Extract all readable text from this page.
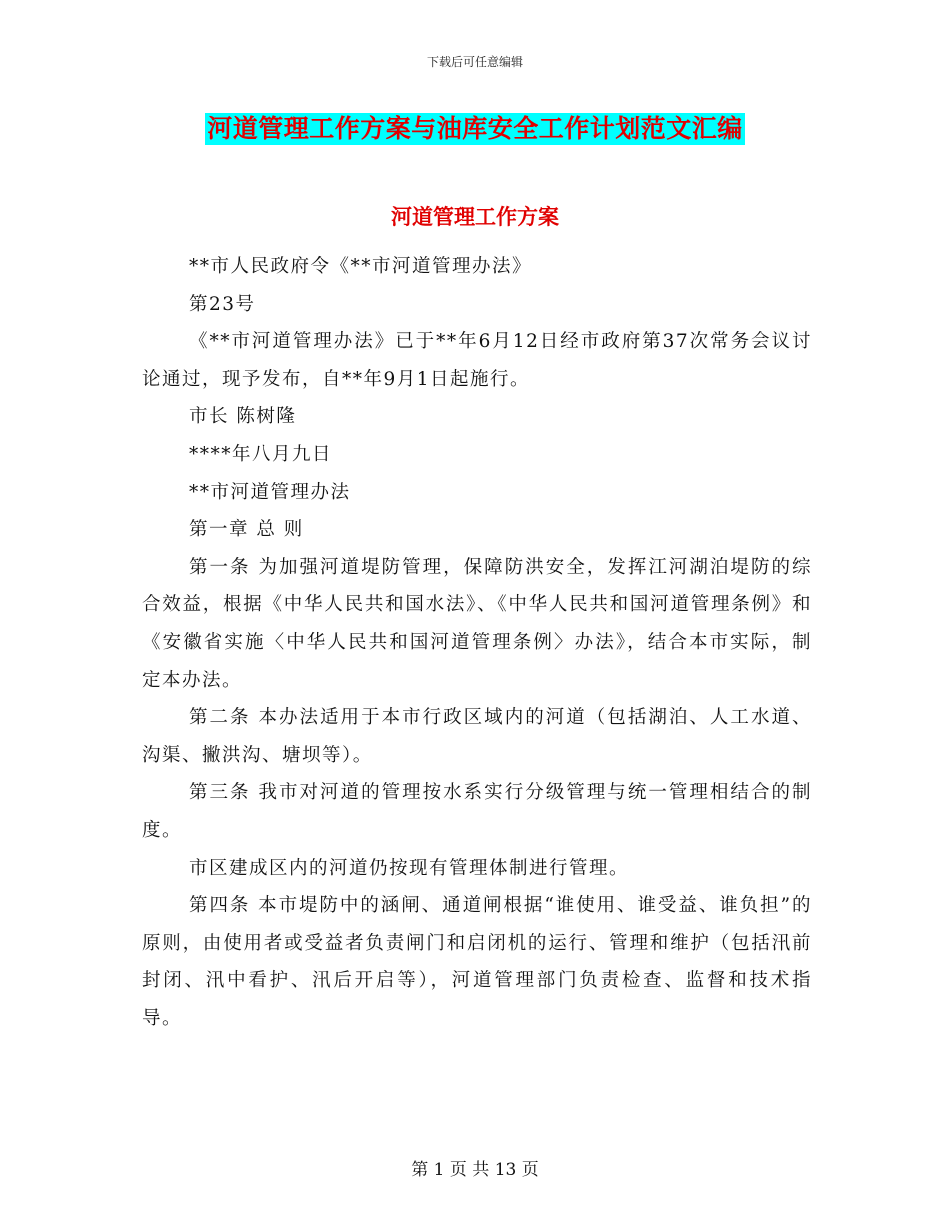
下载后可任意编辑
河道管理工作方案与油库安全工作计划范文汇编
河道管理工作方案

**市人民政府令《**市河道管理办法》

第23号

《**市河道管理办法》已于**年6月12日经市政府第37次常务会议讨论通过，现予发布，自**年9月1日起施行。

市长 陈树隆

****年八月九日

**市河道管理办法

第一章 总 则

第一条 为加强河道堤防管理，保障防洪安全，发挥江河湖泊堤防的综合效益，根据《中华人民共和国水法》、《中华人民共和国河道管理条例》和《安徽省实施〈中华人民共和国河道管理条例〉办法》，结合本市实际，制定本办法。

第二条 本办法适用于本市行政区域内的河道（包括湖泊、人工水道、沟渠、撇洪沟、塘坝等）。

第三条 我市对河道的管理按水系实行分级管理与统一管理相结合的制度。

市区建成区内的河道仍按现有管理体制进行管理。

第四条 本市堤防中的涵闸、通道闸根据“谁使用、谁受益、谁负担”的原则，由使用者或受益者负责闸门和启闭机的运行、管理和维护（包括汛前封闭、汛中看护、汛后开启等），河道管理部门负责检查、监督和技术指导。

第 1 页 共 13 页
